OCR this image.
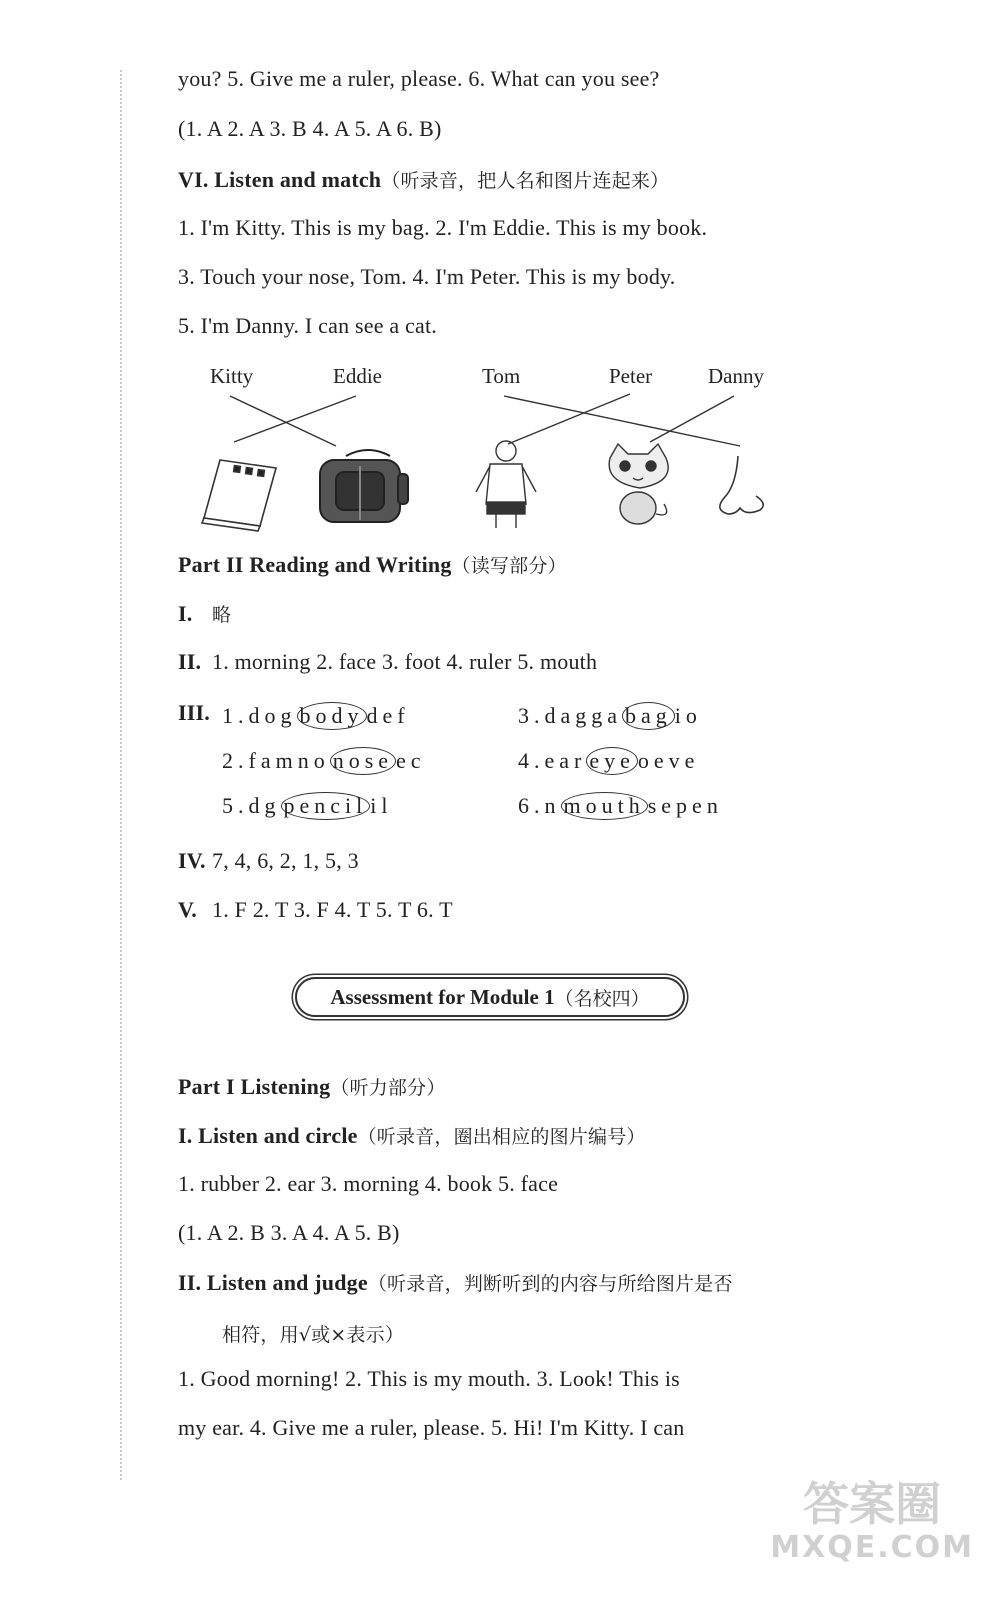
you? 5. Give me a ruler, please. 6. What can you see?
(1. A 2. A 3. B 4. A 5. A 6. B)
VI. Listen and match（听录音，把人名和图片连起来）
1. I'm Kitty. This is my bag. 2. I'm Eddie. This is my book.
3. Touch your nose, Tom. 4. I'm Peter. This is my body.
5. I'm Danny. I can see a cat.
Kitty	Eddie	Tom	Peter	Danny
Part II Reading and Writing（读写部分）
I. 略
II. 1. morning 2. face 3. foot 4. ruler 5. mouth
III. 1.dog body def	3.dagga bag io
2.famno nose ec	4.ear eye oeve
5.dg pencil il	6.n mouth sepen
IV. 7, 4, 6, 2, 1, 5, 3
V. 1. F 2. T 3. F 4. T 5. T 6. T
Assessment for Module 1 （名校四）
Part I Listening（听力部分）
I. Listen and circle（听录音，圈出相应的图片编号）
1. rubber 2. ear 3. morning 4. book 5. face
(1. A 2. B 3. A 4. A 5. B)
II. Listen and judge（听录音，判断听到的内容与所给图片是否
相符，用√或×表示）
1. Good morning! 2. This is my mouth. 3. Look! This is
my ear. 4. Give me a ruler, please. 5. Hi! I'm Kitty. I can
答案圈
MXQE.COM
